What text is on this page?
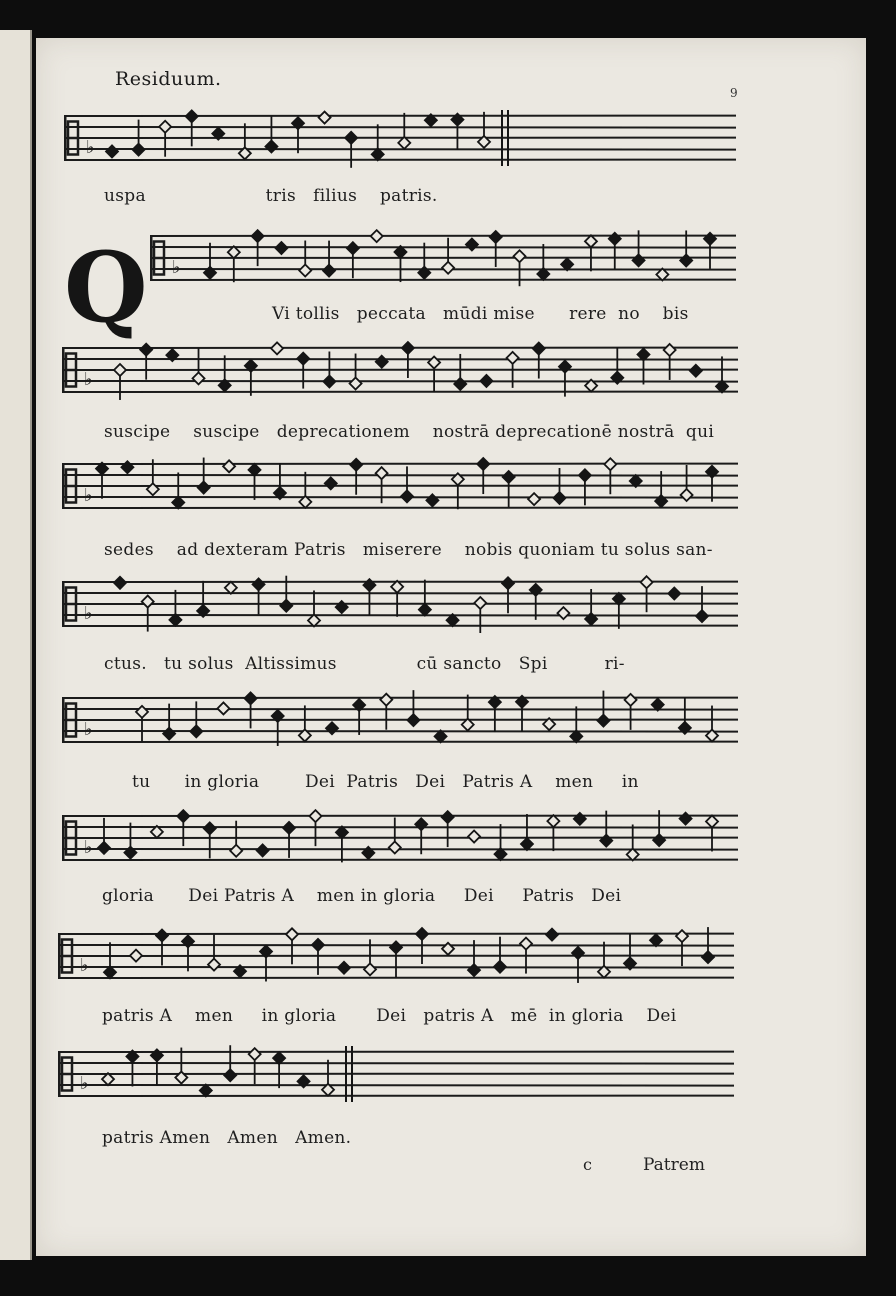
Residuum.
9
♭
uspa                     tris   filius    patris.
Q ♭
Vi tollis   peccata   mūdi mise      rere  no    bis
♭
suscipe    suscipe   deprecationem    nostrā deprecationē nostrā  qui
♭
sedes    ad dexteram Patris   miserere    nobis quoniam tu solus san-
♭
ctus.   tu solus  Altissimus              cū sancto   Spi          ri-
♭
tu      in gloria        Dei  Patris   Dei   Patris A    men     in
♭
gloria      Dei Patris A    men in gloria     Dei     Patris   Dei
♭
patris A    men     in gloria       Dei   patris A   mē  in gloria    Dei
♭
patris Amen   Amen   Amen.
c	Patrem
